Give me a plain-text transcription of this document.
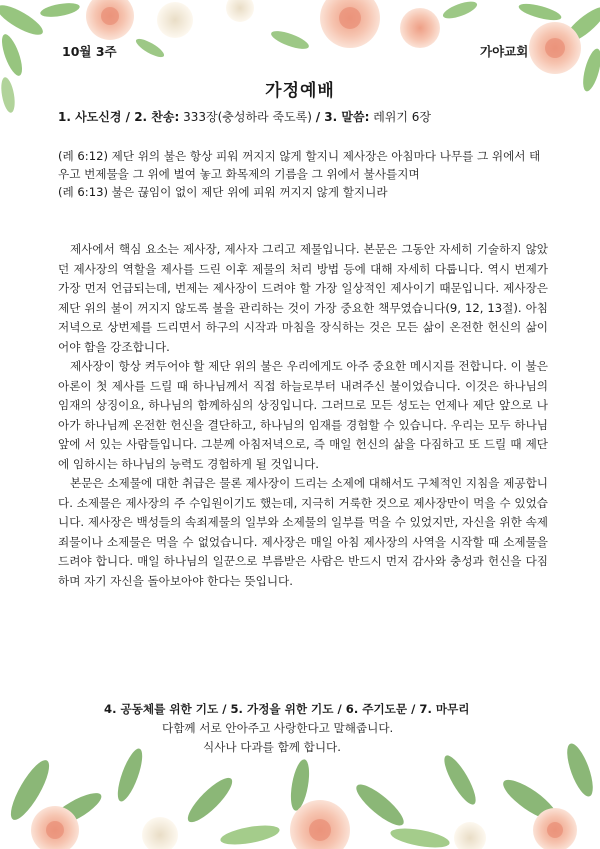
10월 3주	가야교회
가정예배
1. 사도신경 / 2. 찬송: 333장(충성하라 죽도록) / 3. 말씀: 레위기 6장

(레 6:12) 제단 위의 불은 항상 피워 꺼지지 않게 할지니 제사장은 아침마다 나무를 그 위에서 태우고 번제물을 그 위에 벌여 놓고 화목제의 기름을 그 위에서 불사를지며

(레 6:13) 불은 끊임이 없이 제단 위에 피워 꺼지지 않게 할지니라

제사에서 핵심 요소는 제사장, 제사자 그리고 제물입니다. 본문은 그동안 자세히 기술하지 않았던 제사장의 역할을 제사를 드린 이후 제물의 처리 방법 등에 대해 자세히 다룹니다. 역시 번제가 가장 먼저 언급되는데, 번제는 제사장이 드려야 할 가장 일상적인 제사이기 때문입니다. 제사장은 제단 위의 불이 꺼지지 않도록 불을 관리하는 것이 가장 중요한 책무였습니다(9, 12, 13절). 아침저녁으로 상번제를 드리면서 하구의 시작과 마침을 장식하는 것은 모든 삶이 온전한 헌신의 삶이어야 함을 강조합니다.

제사장이 항상 켜두어야 할 제단 위의 불은 우리에게도 아주 중요한 메시지를 전합니다. 이 불은 아론이 첫 제사를 드릴 때 하나님께서 직접 하늘로부터 내려주신 불이었습니다. 이것은 하나님의 임재의 상징이요, 하나님의 함께하심의 상징입니다. 그러므로 모든 성도는 언제나 제단 앞으로 나아가 하나님께 온전한 헌신을 결단하고, 하나님의 임재를 경험할 수 있습니다. 우리는 모두 하나님 앞에 서 있는 사람들입니다. 그분께 아침저녁으로, 즉 매일 헌신의 삶을 다짐하고 또 드릴 때 제단에 임하시는 하나님의 능력도 경험하게 될 것입니다.

본문은 소제물에 대한 취급은 물론 제사장이 드리는 소제에 대해서도 구체적인 지침을 제공합니다. 소제물은 제사장의 주 수입원이기도 했는데, 지극히 거룩한 것으로 제사장만이 먹을 수 있었습니다. 제사장은 백성들의 속죄제물의 일부와 소제물의 일부를 먹을 수 있었지만, 자신을 위한 속제죄물이나 소제물은 먹을 수 없었습니다. 제사장은 매일 아침 제사장의 사역을 시작할 때 소제물을 드려야 합니다. 매일 하나님의 일꾼으로 부름받은 사람은 반드시 먼저 감사와 충성과 헌신을 다짐하며 자기 자신을 돌아보아야 한다는 뜻입니다.

4. 공동체를 위한 기도 / 5. 가정을 위한 기도 / 6. 주기도문 / 7. 마무리
다함께 서로 안아주고 사랑한다고 말해줍니다.
식사나 다과를 함께 합니다.
